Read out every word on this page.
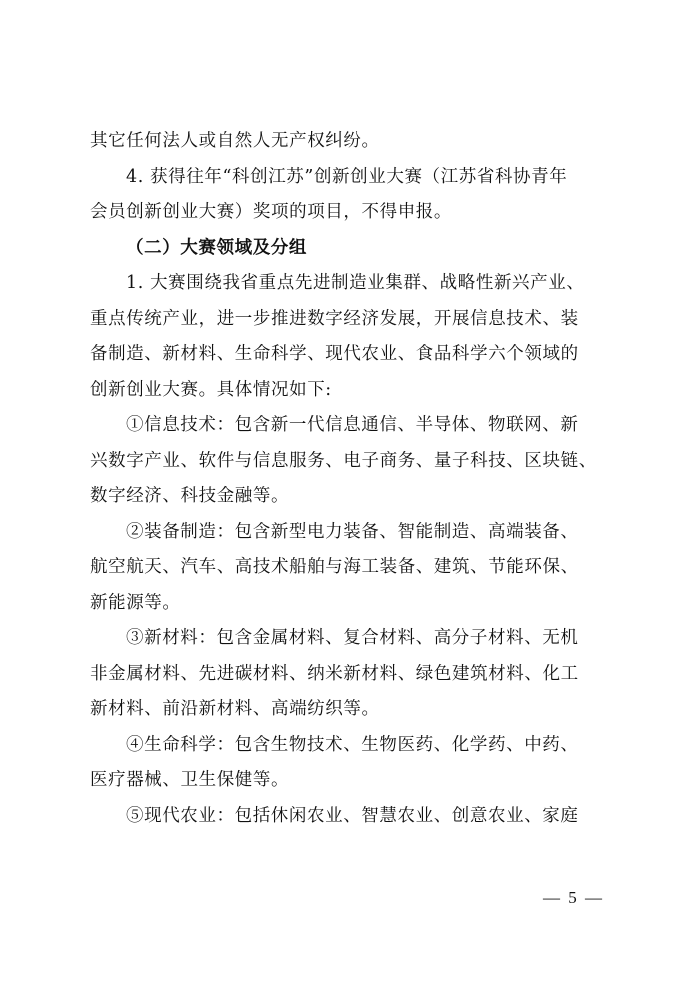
其它任何法人或自然人无产权纠纷。
4. 获得往年“科创江苏”创新创业大赛（江苏省科协青年
会员创新创业大赛）奖项的项目，不得申报。
（二）大赛领域及分组
1. 大赛围绕我省重点先进制造业集群、战略性新兴产业、
重点传统产业，进一步推进数字经济发展，开展信息技术、装
备制造、新材料、生命科学、现代农业、食品科学六个领域的
创新创业大赛。具体情况如下:
①信息技术：包含新一代信息通信、半导体、物联网、新
兴数字产业、软件与信息服务、电子商务、量子科技、区块链、
数字经济、科技金融等。
②装备制造：包含新型电力装备、智能制造、高端装备、
航空航天、汽车、高技术船舶与海工装备、建筑、节能环保、
新能源等。
③新材料：包含金属材料、复合材料、高分子材料、无机
非金属材料、先进碳材料、纳米新材料、绿色建筑材料、化工
新材料、前沿新材料、高端纺织等。
④生命科学：包含生物技术、生物医药、化学药、中药、
医疗器械、卫生保健等。
⑤现代农业：包括休闲农业、智慧农业、创意农业、家庭
— 5 —
